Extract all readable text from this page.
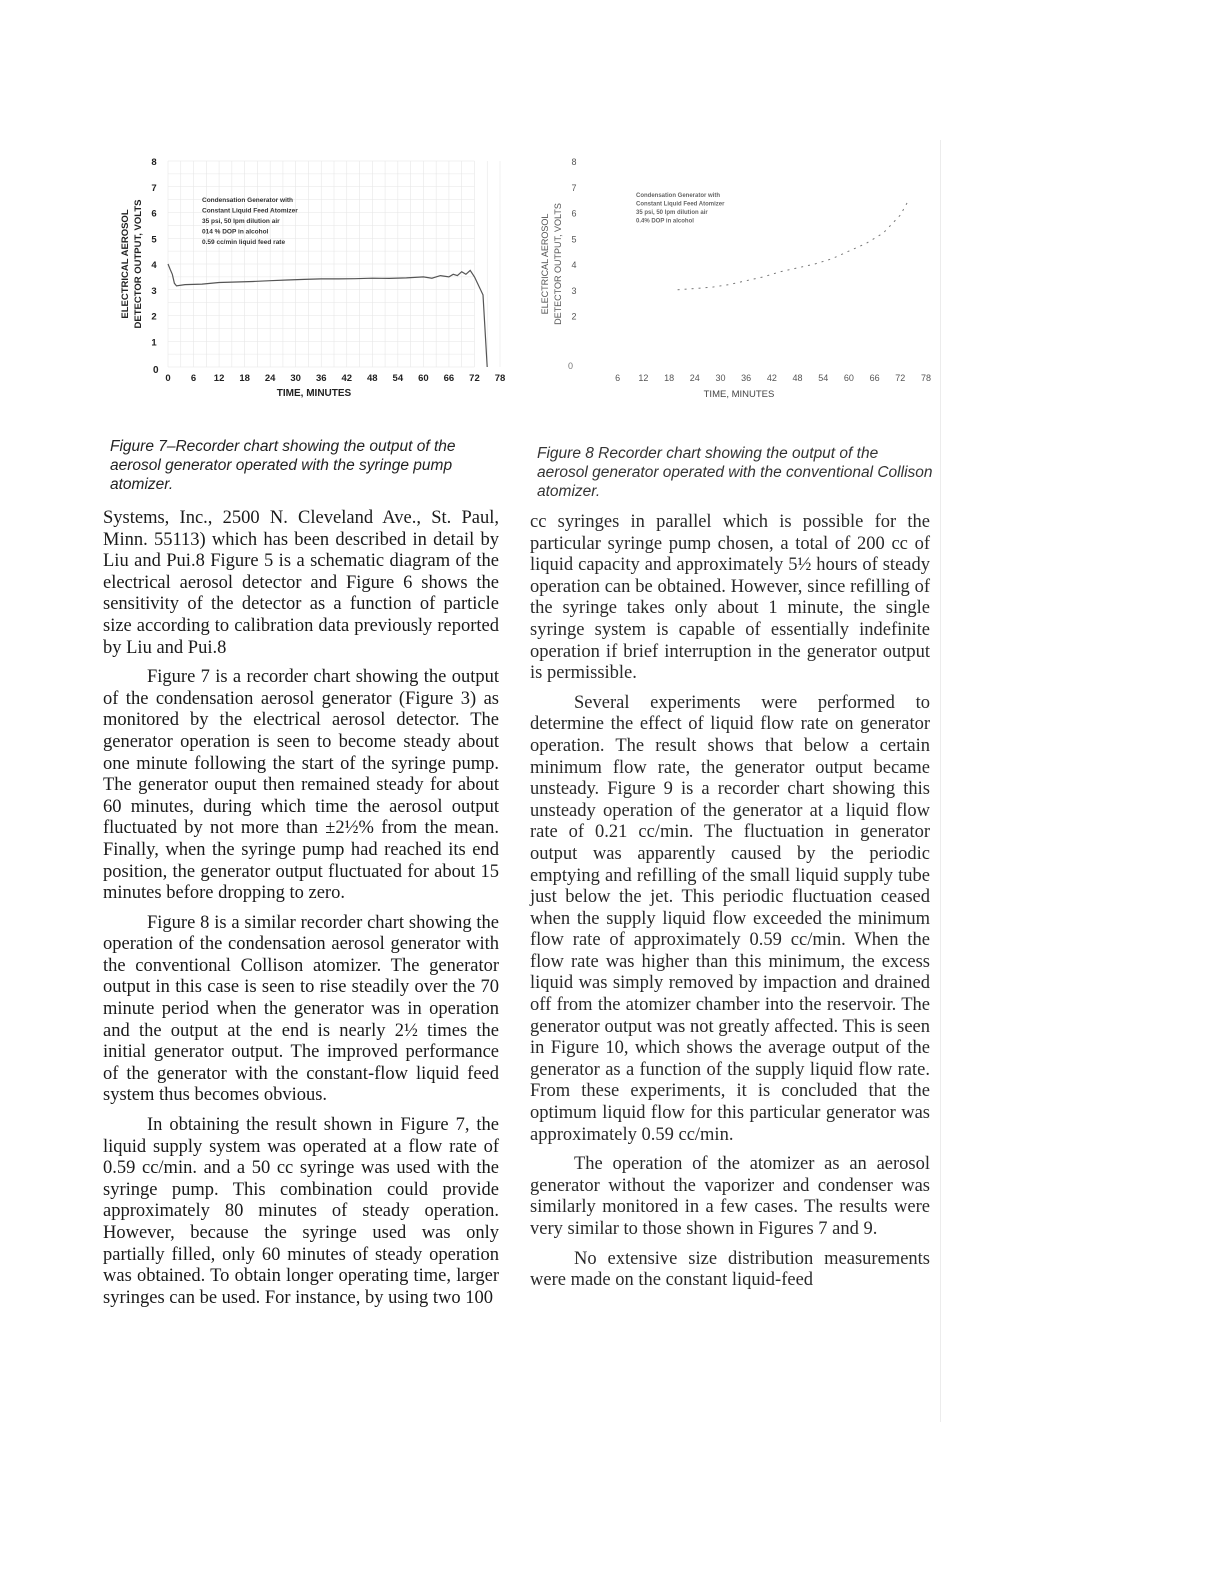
ELECTRICAL AEROSOL DETECTOR OUTPUT, VOLTS
1
2
3
4
5
6
7
8
0 6 12 18 24 30 36 42 48 54 60 66 72 78
0
TIME, MINUTES
Condensation Generator with
Constant Liquid Feed Atomizer
35 psi, 50 lpm dilution air
014 % DOP in alcohol
0.59 cc/min liquid feed rate
Figure 7–Recorder chart showing the output of the aerosol generator operated with the syringe pump atomizer.
ELECTRICAL AEROSOL DETECTOR OUTPUT, VOLTS 2
3
4
5
6
7
8
6 12 18 24 30 36 42 48 54 60 66 72 78
0
TIME, MINUTES
Condensation Generator with
Constant Liquid Feed Atomizer
35 psi, 50 lpm dilution air
0.4% DOP in alcohol
Figure 8 Recorder chart showing the output of the aerosol generator operated with the conventional Collison atomizer.

Systems, Inc., 2500 N. Cleveland Ave., St. Paul, Minn. 55113) which has been described in detail by Liu and Pui.8 Figure 5 is a schematic diagram of the electrical aerosol detector and Figure 6 shows the sensitivity of the detector as a function of particle size according to calibration data previously reported by Liu and Pui.8

Figure 7 is a recorder chart showing the output of the condensation aerosol generator (Figure 3) as monitored by the electrical aerosol detector. The generator operation is seen to become steady about one minute following the start of the syringe pump. The generator ouput then remained steady for about 60 minutes, during which time the aerosol output fluctuated by not more than ±2½% from the mean. Finally, when the syringe pump had reached its end position, the generator output fluctuated for about 15 minutes before dropping to zero.

Figure 8 is a similar recorder chart showing the operation of the condensation aerosol generator with the conventional Collison atomizer. The generator output in this case is seen to rise steadily over the 70 minute period when the generator was in operation and the output at the end is nearly 2½ times the initial generator output. The improved performance of the generator with the constant-flow liquid feed system thus becomes obvious.

In obtaining the result shown in Figure 7, the liquid supply system was operated at a flow rate of 0.59 cc/min. and a 50 cc syringe was used with the syringe pump. This combination could provide approximately 80 minutes of steady operation. However, because the syringe used was only partially filled, only 60 minutes of steady operation was obtained. To obtain longer operating time, larger syringes can be used. For instance, by using two 100

cc syringes in parallel which is possible for the particular syringe pump chosen, a total of 200 cc of liquid capacity and approximately 5½ hours of steady operation can be obtained. However, since refilling of the syringe takes only about 1 minute, the single syringe system is capable of essentially indefinite operation if brief interruption in the generator output is permissible.

Several experiments were performed to determine the effect of liquid flow rate on generator operation. The result shows that below a certain minimum flow rate, the generator output became unsteady. Figure 9 is a recorder chart showing this unsteady operation of the generator at a liquid flow rate of 0.21 cc/min. The fluctuation in generator output was apparently caused by the periodic emptying and refilling of the small liquid supply tube just below the jet. This periodic fluctuation ceased when the supply liquid flow exceeded the minimum flow rate of approximately 0.59 cc/min. When the flow rate was higher than this minimum, the excess liquid was simply removed by impaction and drained off from the atomizer chamber into the reservoir. The generator output was not greatly affected. This is seen in Figure 10, which shows the average output of the generator as a function of the supply liquid flow rate. From these experiments, it is concluded that the optimum liquid flow for this particular generator was approximately 0.59 cc/min.

The operation of the atomizer as an aerosol generator without the vaporizer and condenser was similarly monitored in a few cases. The results were very similar to those shown in Figures 7 and 9.

No extensive size distribution measurements were made on the constant liquid-feed
